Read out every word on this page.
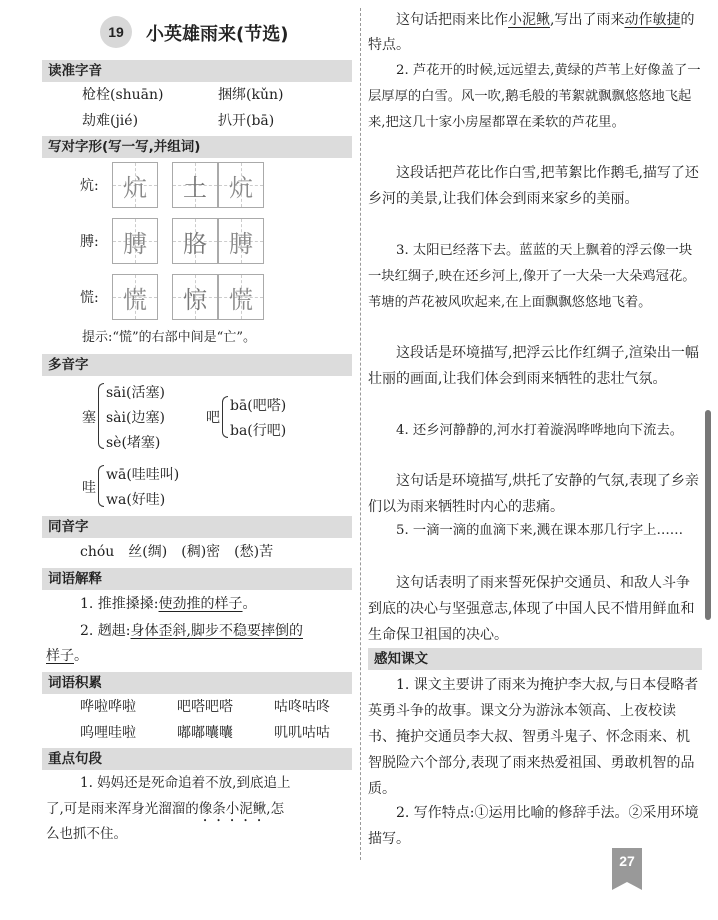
19	小英雄雨来(节选)
读准字音
枪栓(shuān)	捆绑(kǔn)
劫难(jié)	扒开(bā)
写对字形(写一写,并组词)
炕:	炕	土 炕
膊:	膊	胳 膊
慌:	慌	惊 慌
提示:“慌”的右部中间是“亡”。
多音字
塞
sāi(活塞)
sài(边塞)
sè(堵塞)
吧
bā(吧嗒)
ba(行吧)
哇
wā(哇哇叫)
wa(好哇)
同音字
chóu　丝(绸)　(稠)密　(愁)苦
词语解释
1. 推推搡搡:使劲推的样子。
2. 趔趄:身体歪斜,脚步不稳要摔倒的
样子。
词语积累
哗啦哗啦	吧嗒吧嗒	咕咚咕咚
呜哩哇啦	嘟嘟囔囔	叽叽咕咕
重点句段
1. 妈妈还是死命追着不放,到底追上
了,可是雨来浑身光溜溜的像条小泥鳅,怎
么也抓不住。
这句话把雨来比作小泥鳅,写出了雨来动作敏捷的特点。
2. 芦花开的时候,远远望去,黄绿的芦苇上好像盖了一层厚厚的白雪。风一吹,鹅毛般的苇絮就飘飘悠悠地飞起来,把这几十家小房屋都罩在柔软的芦花里。
这段话把芦花比作白雪,把苇絮比作鹅毛,描写了还乡河的美景,让我们体会到雨来家乡的美丽。
3. 太阳已经落下去。蓝蓝的天上飘着的浮云像一块一块红绸子,映在还乡河上,像开了一大朵一大朵鸡冠花。苇塘的芦花被风吹起来,在上面飘飘悠悠地飞着。
这段话是环境描写,把浮云比作红绸子,渲染出一幅壮丽的画面,让我们体会到雨来牺牲的悲壮气氛。
4. 还乡河静静的,河水打着漩涡哗哗地向下流去。
这句话是环境描写,烘托了安静的气氛,表现了乡亲们以为雨来牺牲时内心的悲痛。
5. 一滴一滴的血滴下来,溅在课本那几行字上……
这句话表明了雨来誓死保护交通员、和敌人斗争到底的决心与坚强意志,体现了中国人民不惜用鲜血和生命保卫祖国的决心。
感知课文
1. 课文主要讲了雨来为掩护李大叔,与日本侵略者英勇斗争的故事。课文分为游泳本领高、上夜校读书、掩护交通员李大叔、智勇斗鬼子、怀念雨来、机智脱险六个部分,表现了雨来热爱祖国、勇敢机智的品质。
2. 写作特点:①运用比喻的修辞手法。②采用环境描写。
27
